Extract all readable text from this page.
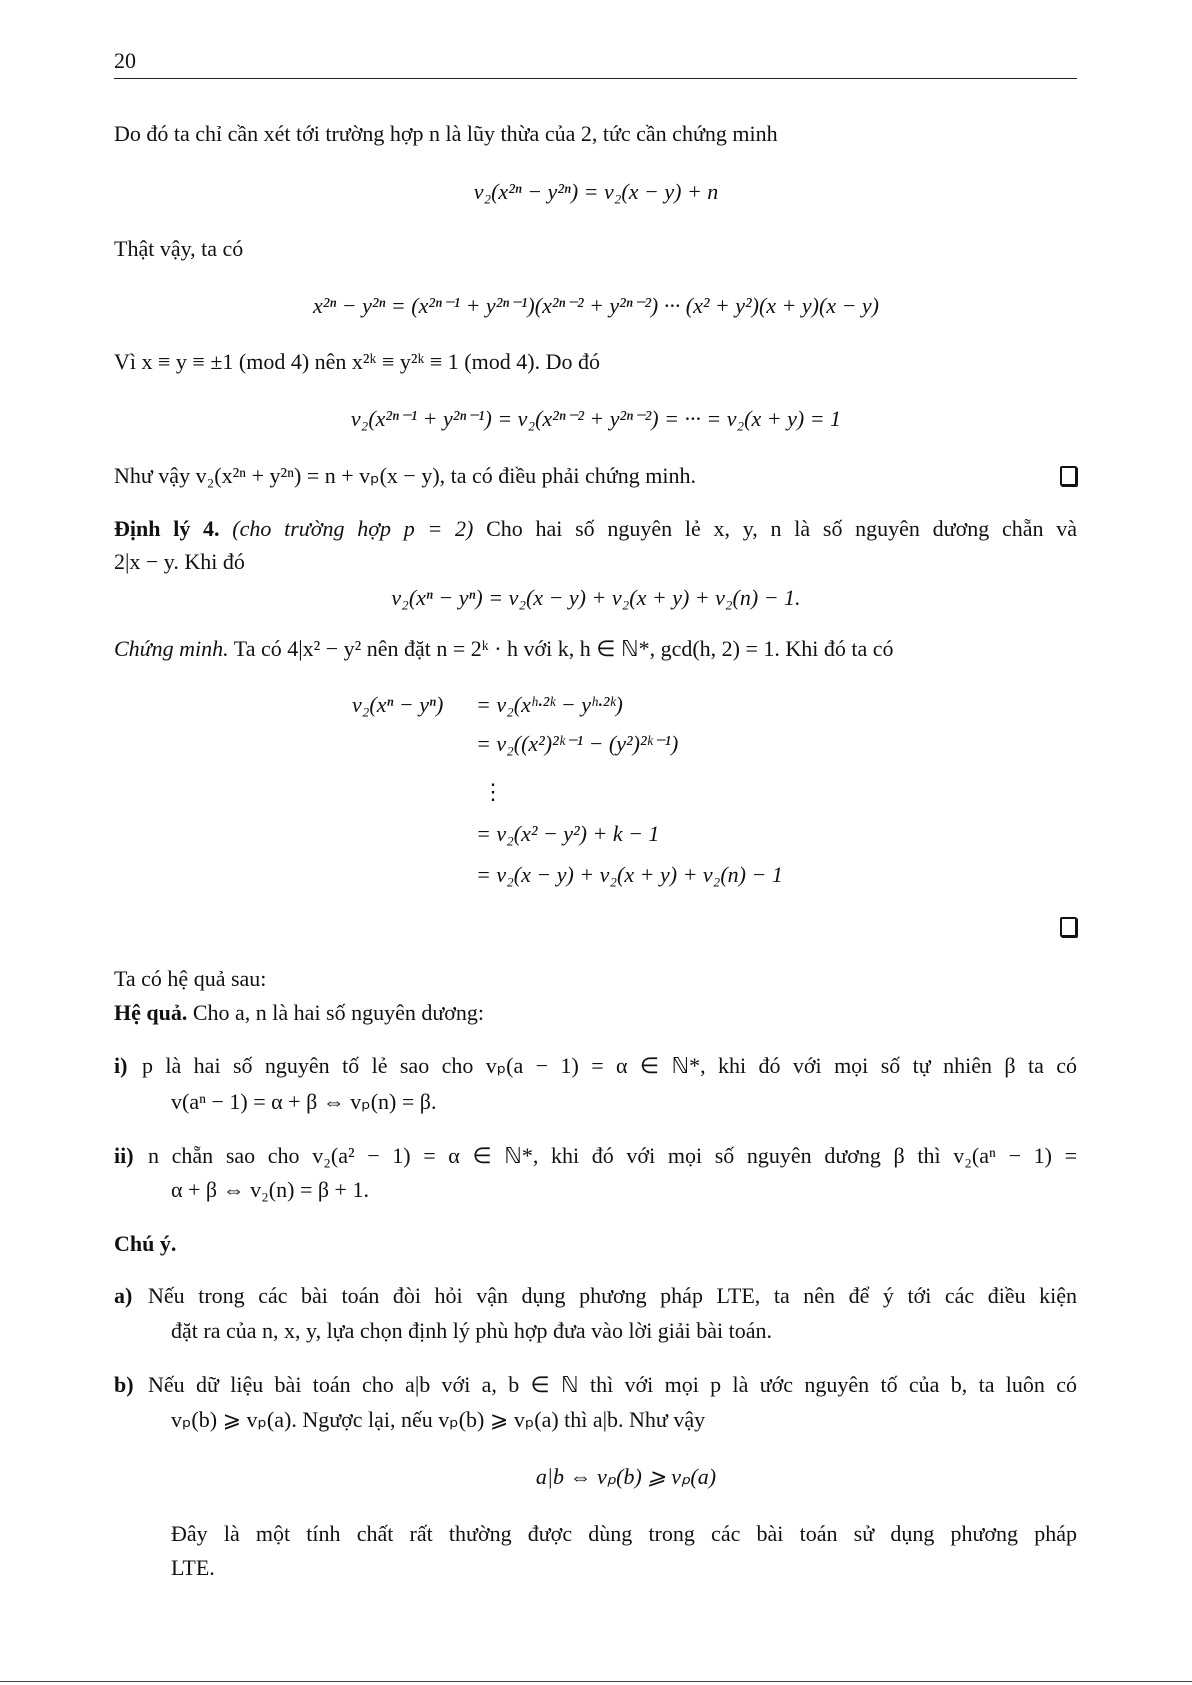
20
Do đó ta chỉ cần xét tới trường hợp n là lũy thừa của 2, tức cần chứng minh
v₂(x²ⁿ − y²ⁿ) = v₂(x − y) + n
Thật vậy, ta có
x²ⁿ − y²ⁿ = (x²ⁿ⁻¹ + y²ⁿ⁻¹)(x²ⁿ⁻² + y²ⁿ⁻²) ··· (x² + y²)(x + y)(x − y)
Vì x ≡ y ≡ ±1 (mod 4) nên x²ᵏ ≡ y²ᵏ ≡ 1 (mod 4). Do đó
v₂(x²ⁿ⁻¹ + y²ⁿ⁻¹) = v₂(x²ⁿ⁻² + y²ⁿ⁻²) = ··· = v₂(x + y) = 1
Như vậy v₂(x²ⁿ + y²ⁿ) = n + vₚ(x − y), ta có điều phải chứng minh.
Định lý 4. (cho trường hợp p = 2) Cho hai số nguyên lẻ x, y, n là số nguyên dương chẵn và
2|x − y. Khi đó
v₂(xⁿ − yⁿ) = v₂(x − y) + v₂(x + y) + v₂(n) − 1.
Chứng minh. Ta có 4|x² − y² nên đặt n = 2ᵏ · h với k, h ∈ ℕ*, gcd(h, 2) = 1. Khi đó ta có
v₂(xⁿ − yⁿ) = v₂(xʰ·²ᵏ − yʰ·²ᵏ)
= v₂((x²)²ᵏ⁻¹ − (y²)²ᵏ⁻¹)
⋮
= v₂(x² − y²) + k − 1
= v₂(x − y) + v₂(x + y) + v₂(n) − 1
Ta có hệ quả sau:
Hệ quả. Cho a, n là hai số nguyên dương:
i) p là hai số nguyên tố lẻ sao cho vₚ(a − 1) = α ∈ ℕ*, khi đó với mọi số tự nhiên β ta có
v(aⁿ − 1) = α + β ⇔ vₚ(n) = β.
ii) n chẵn sao cho v₂(a² − 1) = α ∈ ℕ*, khi đó với mọi số nguyên dương β thì v₂(aⁿ − 1) =
α + β ⇔ v₂(n) = β + 1.
Chú ý.
a) Nếu trong các bài toán đòi hỏi vận dụng phương pháp LTE, ta nên để ý tới các điều kiện
đặt ra của n, x, y, lựa chọn định lý phù hợp đưa vào lời giải bài toán.
b) Nếu dữ liệu bài toán cho a|b với a, b ∈ ℕ thì với mọi p là ước nguyên tố của b, ta luôn có
vₚ(b) ⩾ vₚ(a). Ngược lại, nếu vₚ(b) ⩾ vₚ(a) thì a|b. Như vậy
a|b ⇔ vₚ(b) ⩾ vₚ(a)
Đây là một tính chất rất thường được dùng trong các bài toán sử dụng phương pháp
LTE.
